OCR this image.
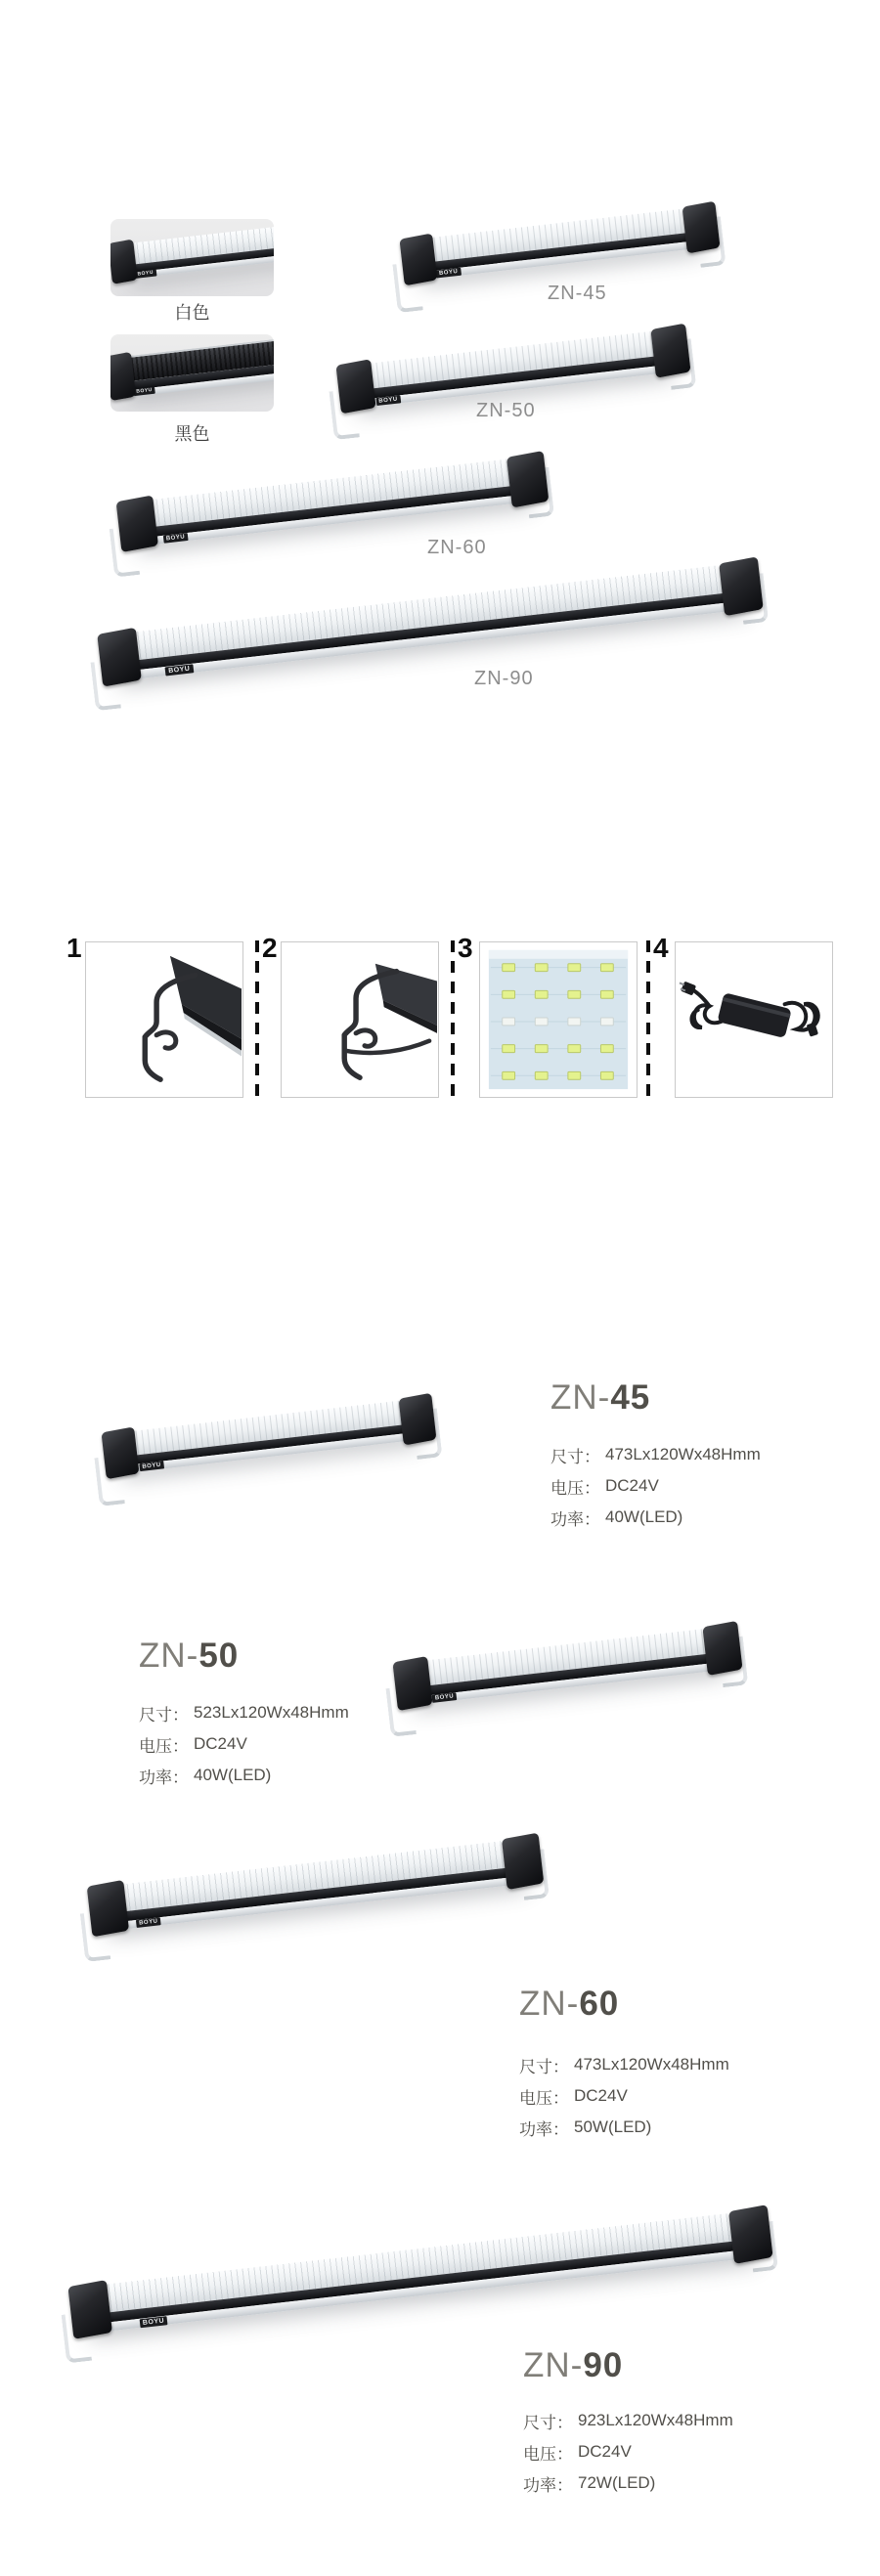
BOYU
白色
BOYU
黑色
BOYU
ZN-45
BOYU	ZN-50
BOYU	ZN-60
BOYU	ZN-90
1	2	3	4
BOYU
ZN-45
尺寸： 473Lx120Wx48Hmm
电压： DC24V
功率： 40W(LED)
ZN-50
尺寸： 523Lx120Wx48Hmm
电压： DC24V
功率： 40W(LED)
BOYU
BOYU
ZN-60
尺寸： 473Lx120Wx48Hmm
电压： DC24V
功率： 50W(LED)
BOYU
ZN-90
尺寸： 923Lx120Wx48Hmm
电压： DC24V
功率： 72W(LED)
